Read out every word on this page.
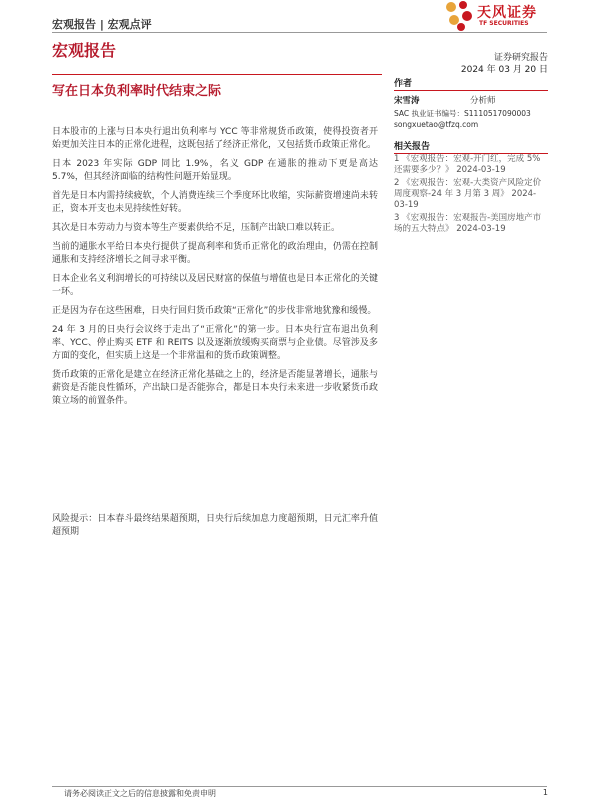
宏观报告 | 宏观点评
天风证券
TF SECURITIES
宏观报告	证券研究报告
2024 年 03 月 20 日
写在日本负利率时代结束之际	作者
宋雪涛	分析师
SAC 执业证书编号：S1110517090003
songxuetao@tfzq.com
相关报告
1 《宏观报告：宏观-开门红，完成 5% 还需要多少？》 2024-03-19
2 《宏观报告：宏观-大类资产风险定价周度观察-24 年 3 月第 3 周》 2024-03-19
3 《宏观报告：宏观报告-美国房地产市场的五大特点》 2024-03-19

日本股市的上涨与日本央行退出负利率与 YCC 等非常规货币政策，使得投资者开始更加关注日本的正常化进程，这既包括了经济正常化，又包括货币政策正常化。

日本 2023 年实际 GDP 同比 1.9%，名义 GDP 在通胀的推动下更是高达 5.7%，但其经济面临的结构性问题开始显现。

首先是日本内需持续疲软，个人消费连续三个季度环比收缩，实际薪资增速尚未转正，资本开支也未见持续性好转。

其次是日本劳动力与资本等生产要素供给不足，压制产出缺口难以转正。

当前的通胀水平给日本央行提供了提高利率和货币正常化的政治理由，仍需在控制通胀和支持经济增长之间寻求平衡。

日本企业名义利润增长的可持续以及居民财富的保值与增值也是日本正常化的关键一环。

正是因为存在这些困难，日央行回归货币政策“正常化”的步伐非常地犹豫和缓慢。

24 年 3 月的日央行会议终于走出了“正常化”的第一步。日本央行宣布退出负利率、YCC、停止购买 ETF 和 REITS 以及逐渐放缓购买商票与企业债。尽管涉及多方面的变化，但实质上这是一个非常温和的货币政策调整。

货币政策的正常化是建立在经济正常化基础之上的，经济是否能显著增长，通胀与薪资是否能良性循环，产出缺口是否能弥合，都是日本央行未来进一步收紧货币政策立场的前置条件。

风险提示：日本春斗最终结果超预期，日央行后续加息力度超预期，日元汇率升值超预期
请务必阅读正文之后的信息披露和免责申明	1
